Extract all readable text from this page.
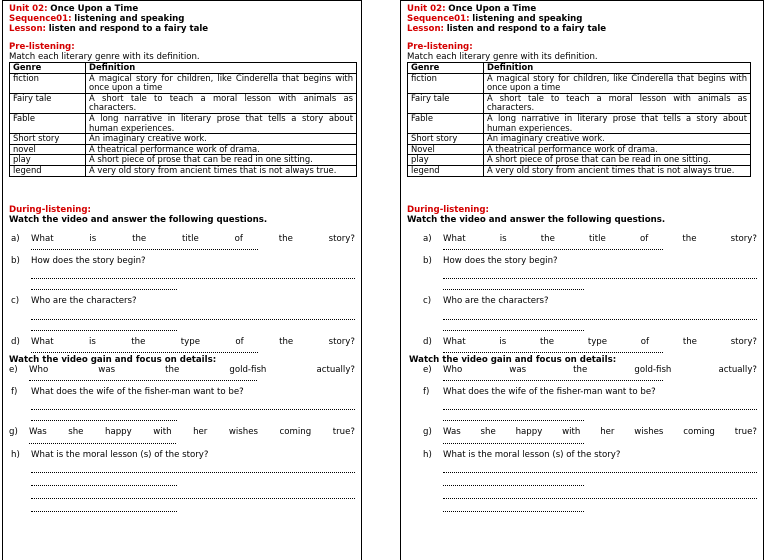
Unit 02: Once Upon a Time
Sequence01: listening and speaking
Lesson: listen and respond to a fairy tale
Pre-listening:
Match each literary genre with its definition.
Genre	Definition
fiction	A magical story for children, like Cinderella that begins with once upon a time
Fairy tale	A short tale to teach a moral lesson with animals as characters.
Fable	A long narrative in literary prose that tells a story about human experiences.
Short story	An imaginary creative work.
novel	A theatrical performance work of drama.
play	A short piece of prose that can be read in one sitting.
legend	A very old story from ancient times that is not always true.
During-listening:
Watch the video and answer the following questions.
a)	What	is	the	title	of	the	story?
b)	How does the story begin?
c)	Who are the characters?
d)	What	is	the	type	of	the	story?
Watch the video gain and focus on details:
e)	Who	was	the	gold-fish	actually?
f)	What does the wife of the fisher-man want to be?
g)	Was	she	happy	with	her	wishes	coming	true?
h)	What is the moral lesson (s) of the story?
Unit 02: Once Upon a Time
Sequence01: listening and speaking
Lesson: listen and respond to a fairy tale
Pre-listening:
Match each literary genre with its definition.
Genre	Definition
fiction	A magical story for children, like Cinderella that begins with once upon a time
Fairy tale	A short tale to teach a moral lesson with animals as characters.
Fable	A long narrative in literary prose that tells a story about human experiences.
Short story	An imaginary creative work.
Novel	A theatrical performance work of drama.
play	A short piece of prose that can be read in one sitting.
legend	A very old story from ancient times that is not always true.
During-listening:
Watch the video and answer the following questions.
a)	What	is	the	title	of	the	story?
b)	How does the story begin?
c)	Who are the characters?
d)	What	is	the	type	of	the	story?
Watch the video gain and focus on details:
e)	Who	was	the	gold-fish	actually?
f)	What does the wife of the fisher-man want to be?
g)	Was she happy with her wishes coming true?
h)	What is the moral lesson (s) of the story?
